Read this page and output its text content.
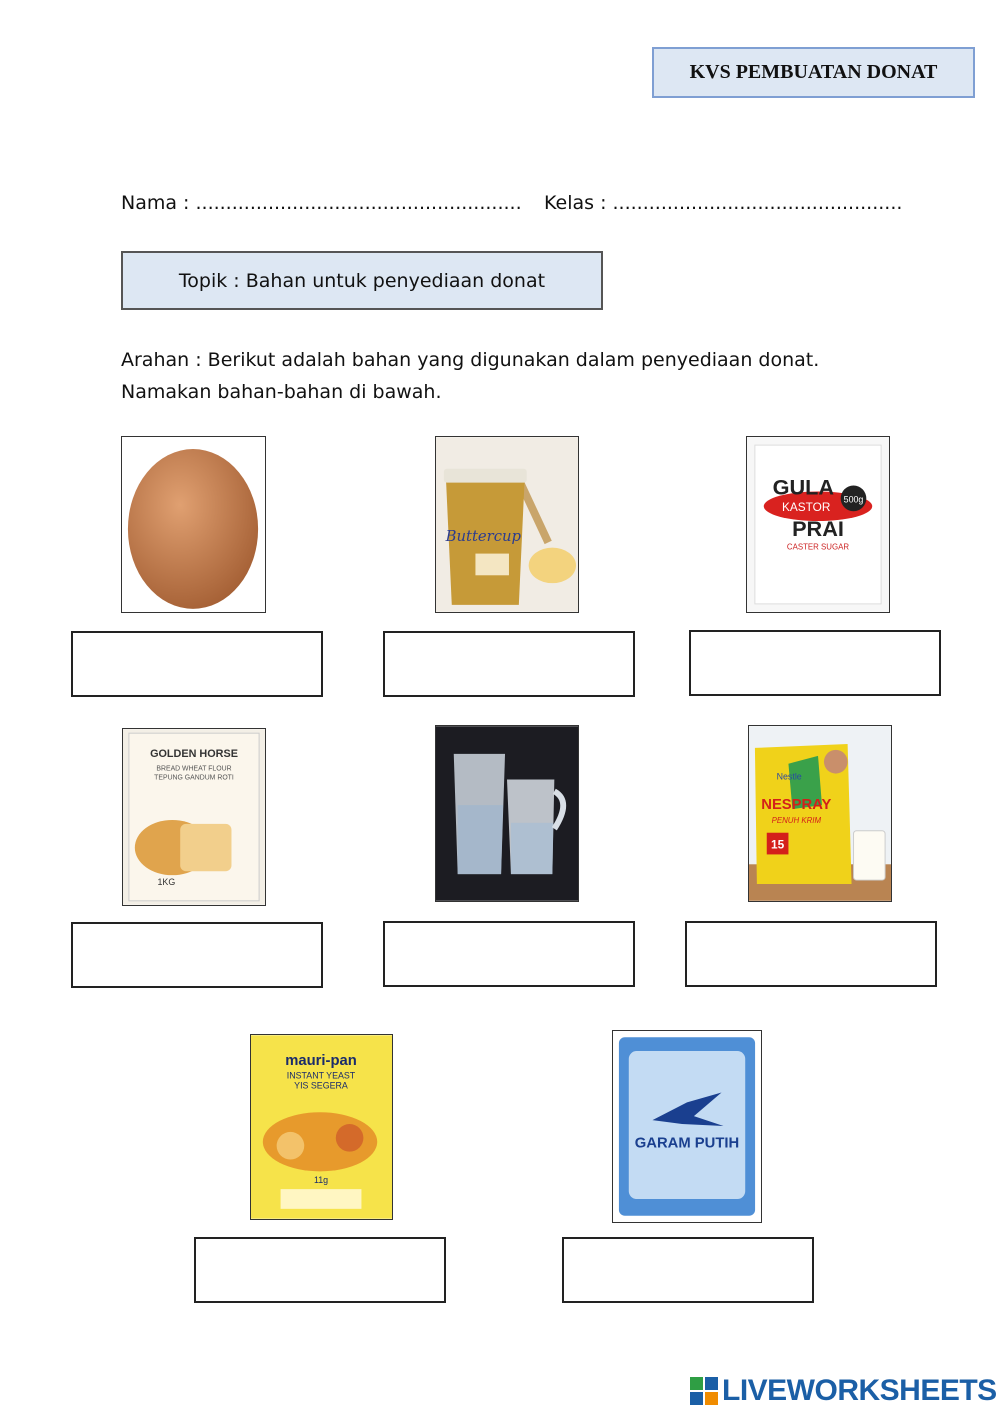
KVS PEMBUATAN DONAT
Nama : ...................................................... Kelas : ................................................
Topik : Bahan untuk penyediaan donat
Arahan : Berikut adalah bahan yang digunakan dalam penyediaan donat.
Namakan bahan-bahan di bawah.
Buttercup
GULA
KASTOR
500g
PRAI
CASTER SUGAR
GOLDEN HORSE
BREAD WHEAT FLOUR
TEPUNG GANDUM ROTI
1KG
Nestle
NESPRAY
PENUH KRIM
15
mauri-pan
INSTANT YEAST
YIS SEGERA
11g
GARAM PUTIH
LIVEWORKSHEETS
